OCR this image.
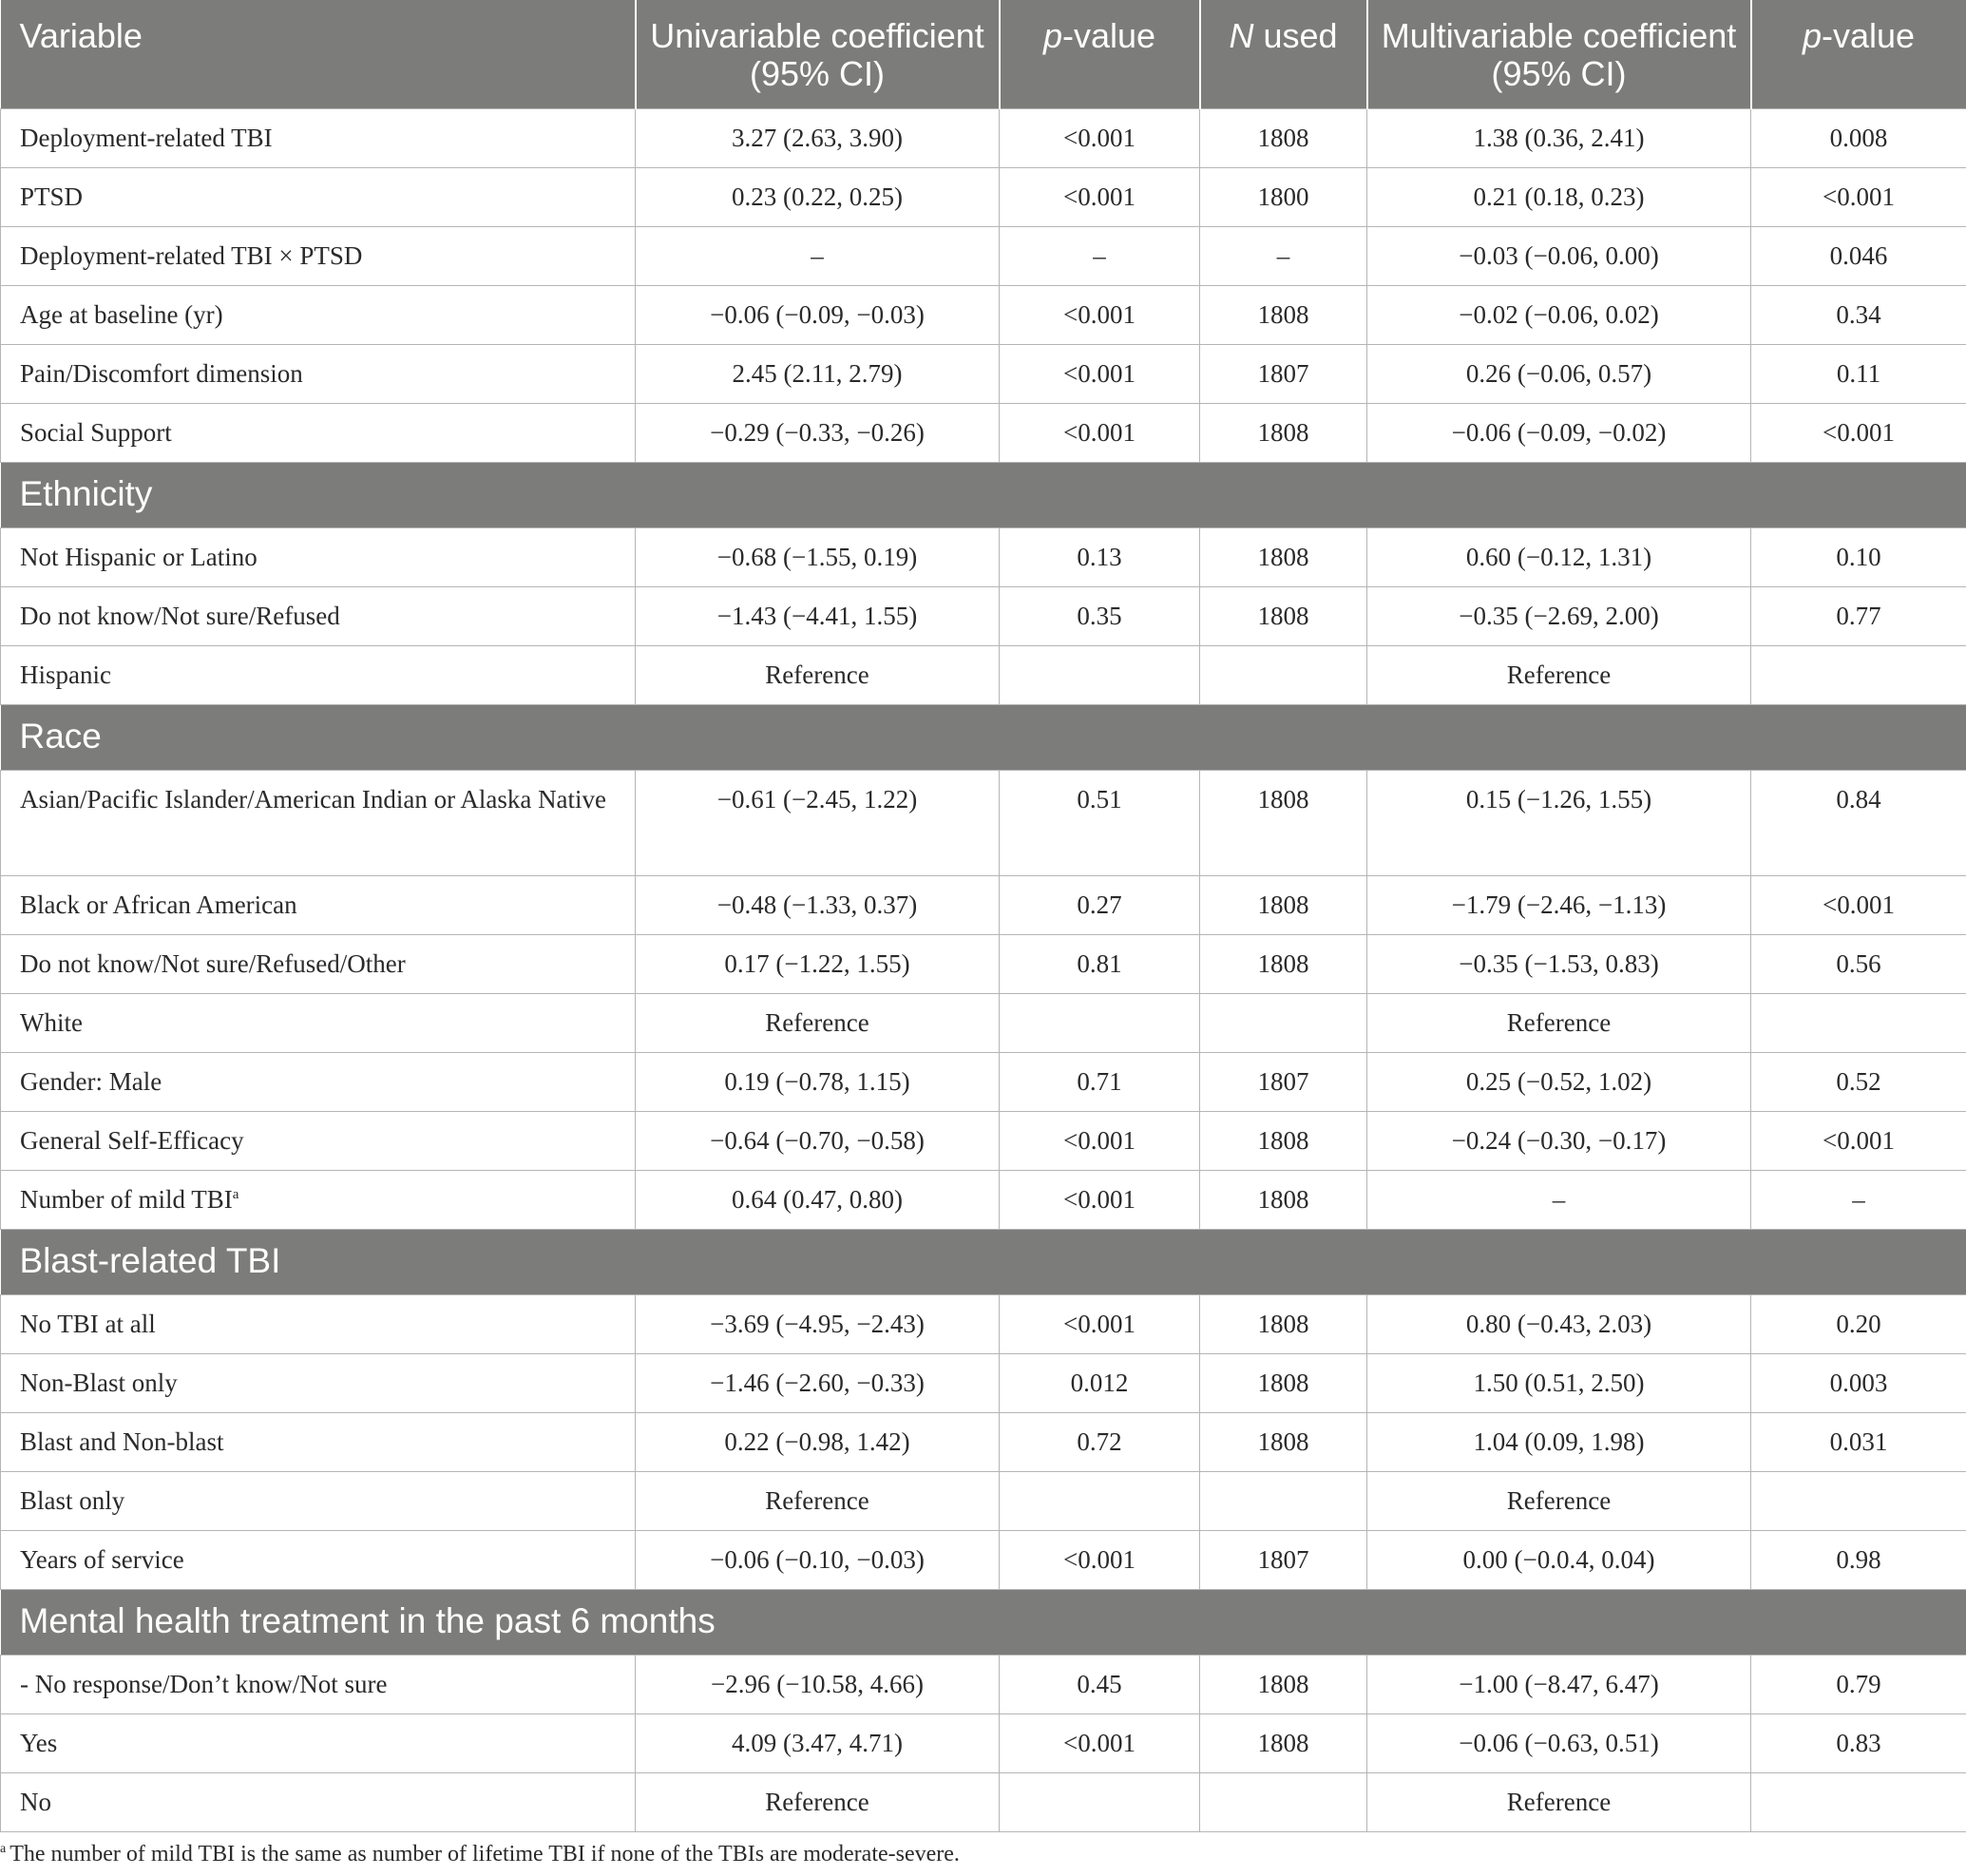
Variable	Univariable coefficient (95% CI)	p-value	N used	Multivariable coefficient (95% CI)	p-value
Deployment-related TBI	3.27 (2.63, 3.90)	<0.001	1808	1.38 (0.36, 2.41)	0.008
PTSD	0.23 (0.22, 0.25)	<0.001	1800	0.21 (0.18, 0.23)	<0.001
Deployment-related TBI × PTSD	–	–	–	−0.03 (−0.06, 0.00)	0.046
Age at baseline (yr)	−0.06 (−0.09, −0.03)	<0.001	1808	−0.02 (−0.06, 0.02)	0.34
Pain/Discomfort dimension	2.45 (2.11, 2.79)	<0.001	1807	0.26 (−0.06, 0.57)	0.11
Social Support	−0.29 (−0.33, −0.26)	<0.001	1808	−0.06 (−0.09, −0.02)	<0.001
Ethnicity					
Not Hispanic or Latino	−0.68 (−1.55, 0.19)	0.13	1808	0.60 (−0.12, 1.31)	0.10
Do not know/Not sure/Refused	−1.43 (−4.41, 1.55)	0.35	1808	−0.35 (−2.69, 2.00)	0.77
Hispanic	Reference			Reference	
Race					
Asian/Pacific Islander/American Indian or Alaska Native	−0.61 (−2.45, 1.22)	0.51	1808	0.15 (−1.26, 1.55)	0.84
Black or African American	−0.48 (−1.33, 0.37)	0.27	1808	−1.79 (−2.46, −1.13)	<0.001
Do not know/Not sure/Refused/Other	0.17 (−1.22, 1.55)	0.81	1808	−0.35 (−1.53, 0.83)	0.56
White	Reference			Reference	
Gender: Male	0.19 (−0.78, 1.15)	0.71	1807	0.25 (−0.52, 1.02)	0.52
General Self-Efficacy	−0.64 (−0.70, −0.58)	<0.001	1808	−0.24 (−0.30, −0.17)	<0.001
Number of mild TBI$^a$	0.64 (0.47, 0.80)	<0.001	1808	–	–
Blast-related TBI					
No TBI at all	−3.69 (−4.95, −2.43)	<0.001	1808	0.80 (−0.43, 2.03)	0.20
Non-Blast only	−1.46 (−2.60, −0.33)	0.012	1808	1.50 (0.51, 2.50)	0.003
Blast and Non-blast	0.22 (−0.98, 1.42)	0.72	1808	1.04 (0.09, 1.98)	0.031
Blast only	Reference			Reference	
Years of service	−0.06 (−0.10, −0.03)	<0.001	1807	0.00 (−0.0.4, 0.04)	0.98
Mental health treatment in the past 6 months					
- No response/Don’t know/Not sure	−2.96 (−10.58, 4.66)	0.45	1808	−1.00 (−8.47, 6.47)	0.79
Yes	4.09 (3.47, 4.71)	<0.001	1808	−0.06 (−0.63, 0.51)	0.83
No	Reference			Reference	
$^a$ The number of mild TBI is the same as number of lifetime TBI if none of the TBIs are moderate-severe.
